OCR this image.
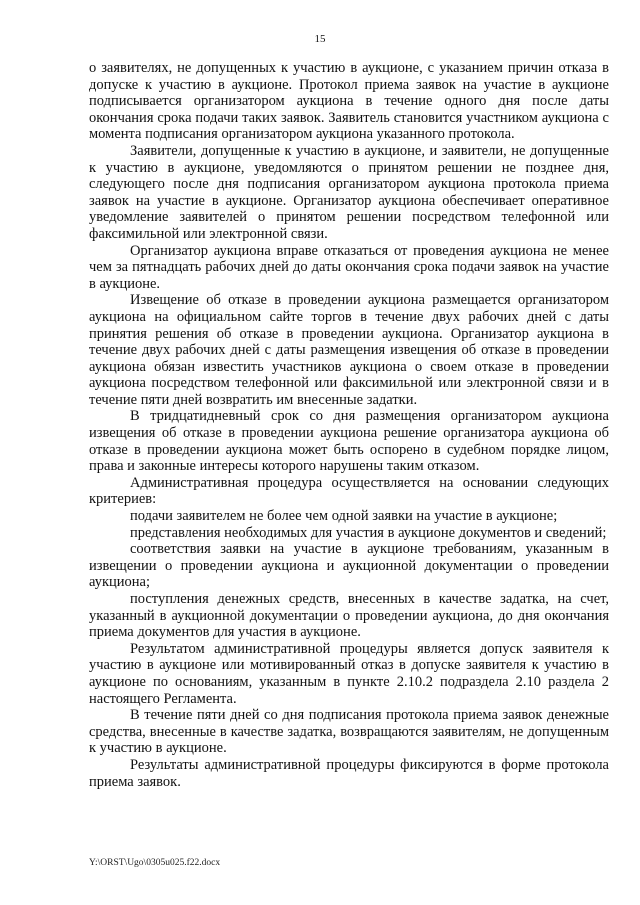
15

о заявителях, не допущенных к участию в аукционе, с указанием причин отказа в допуске к участию в аукционе. Протокол приема заявок на участие в аукционе подписывается организатором аукциона в течение одного дня после даты окончания срока подачи таких заявок. Заявитель становится участником аукциона с момента подписания организатором аукциона указанного протокола.

Заявители, допущенные к участию в аукционе, и заявители, не допущенные к участию в аукционе, уведомляются о принятом решении не позднее дня, следующего после дня подписания организатором аукциона протокола приема заявок на участие в аукционе. Организатор аукциона обеспечивает оперативное уведомление заявителей о принятом решении посредством телефонной или факсимильной или электронной связи.

Организатор аукциона вправе отказаться от проведения аукциона не менее чем за пятнадцать рабочих дней до даты окончания срока подачи заявок на участие в аукционе.

Извещение об отказе в проведении аукциона размещается организатором аукциона на официальном сайте торгов в течение двух рабочих дней с даты принятия решения об отказе в проведении аукциона. Организатор аукциона в течение двух рабочих дней с даты размещения извещения об отказе в проведении аукциона обязан известить участников аукциона о своем отказе в проведении аукциона посредством телефонной или факсимильной или электронной связи и в течение пяти дней возвратить им внесенные задатки.

В тридцатидневный срок со дня размещения организатором аукциона извещения об отказе в проведении аукциона решение организатора аукциона об отказе в проведении аукциона может быть оспорено в судебном порядке лицом, права и законные интересы которого нарушены таким отказом.

Административная процедура осуществляется на основании следующих критериев:

подачи заявителем не более чем одной заявки на участие в аукционе;

представления необходимых для участия в аукционе документов и сведений;

соответствия заявки на участие в аукционе требованиям, указанным в извещении о проведении аукциона и аукционной документации о проведении аукциона;

поступления денежных средств, внесенных в качестве задатка, на счет, указанный в аукционной документации о проведении аукциона, до дня окончания приема документов для участия в аукционе.

Результатом административной процедуры является допуск заявителя к участию в аукционе или мотивированный отказ в допуске заявителя к участию в аукционе по основаниям, указанным в пункте 2.10.2 подраздела 2.10 раздела 2 настоящего Регламента.

В течение пяти дней со дня подписания протокола приема заявок денежные средства, внесенные в качестве задатка, возвращаются заявителям, не допущенным к участию в аукционе.

Результаты административной процедуры фиксируются в форме протокола приема заявок.

Y:\ORST\Ugo\0305u025.f22.docx
